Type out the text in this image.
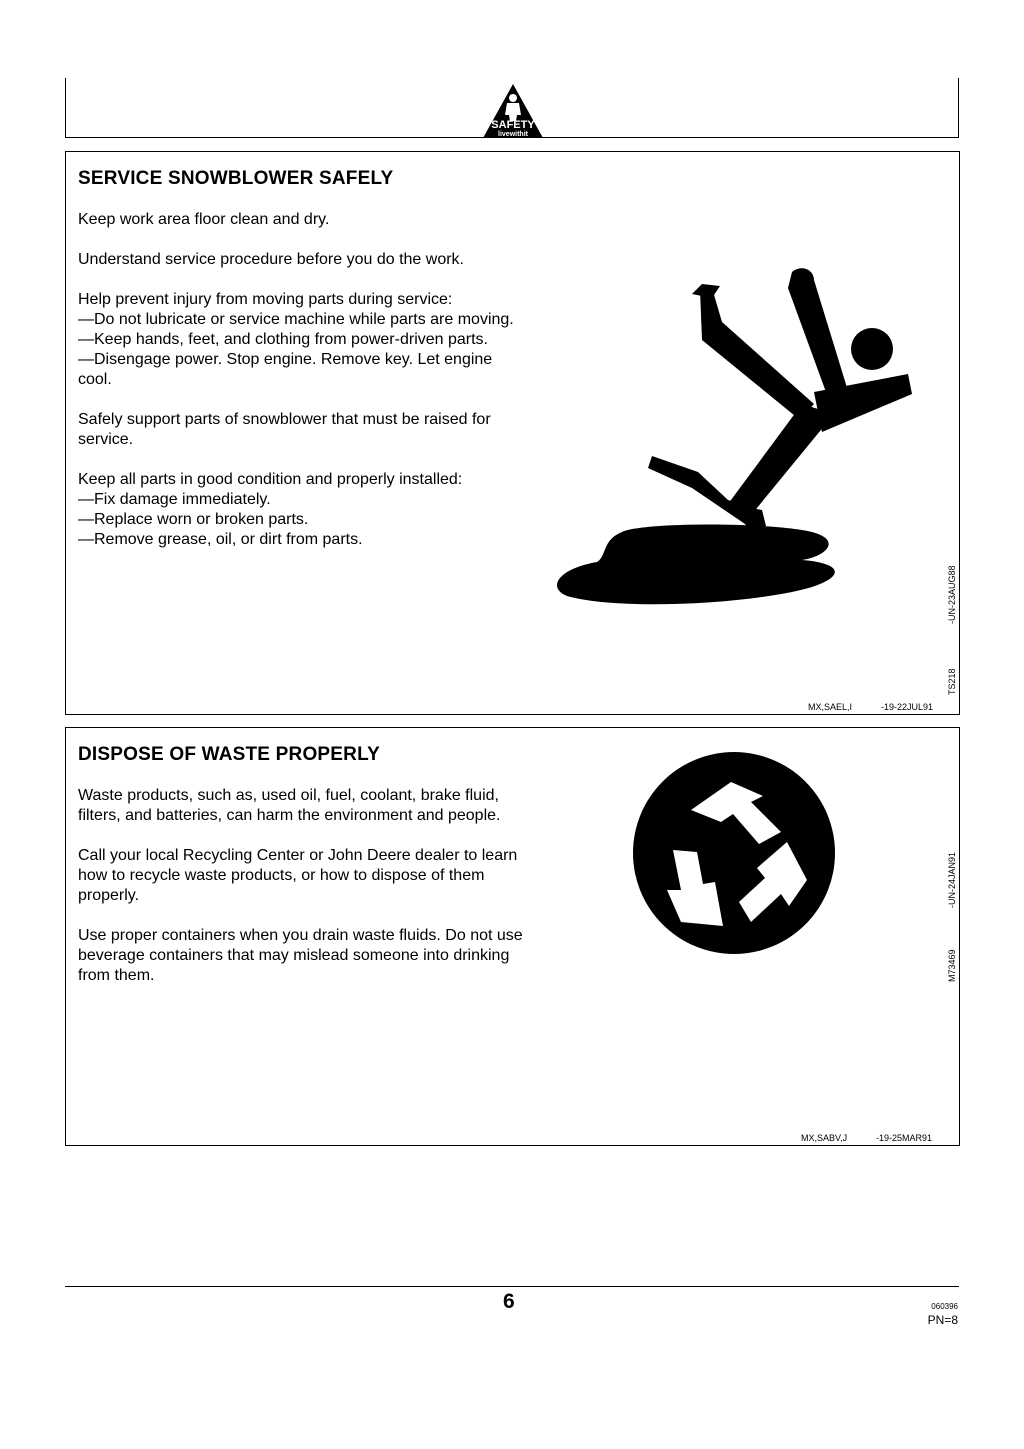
SAFETY
livewithit
SERVICE SNOWBLOWER SAFELY

Keep work area floor clean and dry.

Understand service procedure before you do the work.

Help prevent injury from moving parts during service:
—Do not lubricate or service machine while parts are moving.
—Keep hands, feet, and clothing from power-driven parts.
—Disengage power. Stop engine. Remove key. Let engine cool.

Safely support parts of snowblower that must be raised for service.

Keep all parts in good condition and properly installed:
—Fix damage immediately.
—Replace worn or broken parts.
—Remove grease, oil, or dirt from parts.

-UN-23AUG88
TS218
MX,SAEL,I	-19-22JUL91
DISPOSE OF WASTE PROPERLY

Waste products, such as, used oil, fuel, coolant, brake fluid, filters, and batteries, can harm the environment and people.

Call your local Recycling Center or John Deere dealer to learn how to recycle waste products, or how to dispose of them properly.

Use proper containers when you drain waste fluids. Do not use beverage containers that may mislead someone into drinking from them.

-UN-24JAN91
M73469
MX,SABV,J	-19-25MAR91
6	060396
PN=8
